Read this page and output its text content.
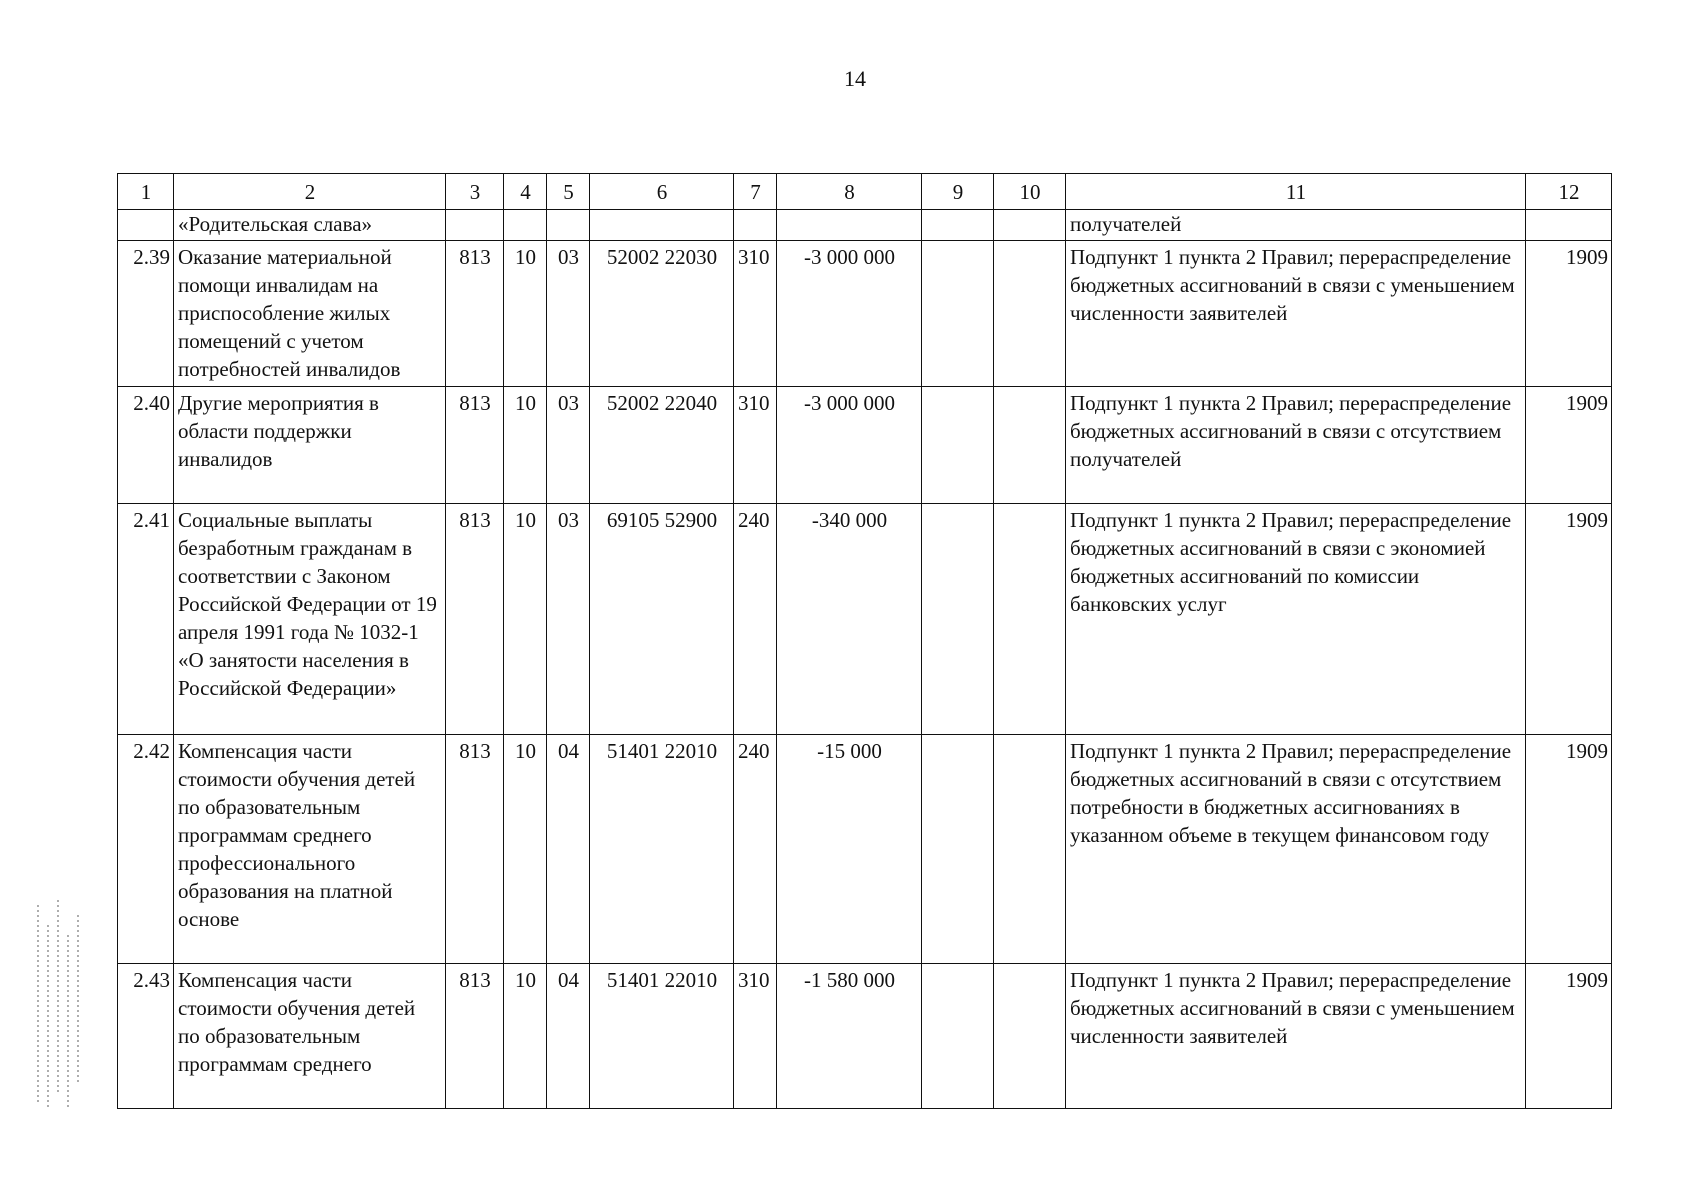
14
1	2	3	4	5	6	7	8	9	10	11	12
	«Родительская слава»									получателей	
2.39	Оказание материальной помощи инвалидам на приспособление жилых помещений с учетом потребностей инвалидов	813	10	03	52002 22030	310	-3 000 000			Подпункт 1 пункта 2 Правил; перераспределение бюджетных ассигнований в связи с уменьшением численности заявителей	1909
2.40	Другие мероприятия в области поддержки инвалидов	813	10	03	52002 22040	310	-3 000 000			Подпункт 1 пункта 2 Правил; перераспределение бюджетных ассигнований в связи с отсутствием получателей	1909
2.41	Социальные выплаты безработным гражданам в соответствии с Законом Российской Федерации от 19 апреля 1991 года № 1032-1 «О занятости населения в Российской Федерации»	813	10	03	69105 52900	240	-340 000			Подпункт 1 пункта 2 Правил; перераспределение бюджетных ассигнований в связи с экономией бюджетных ассигнований по комиссии банковских услуг	1909
2.42	Компенсация части стоимости обучения детей по образовательным программам среднего профессионального образования на платной основе	813	10	04	51401 22010	240	-15 000			Подпункт 1 пункта 2 Правил; перераспределение бюджетных ассигнований в связи с отсутствием потребности в бюджетных ассигнованиях в указанном объеме в текущем финансовом году	1909
2.43	Компенсация части стоимости обучения детей по образовательным программам среднего	813	10	04	51401 22010	310	-1 580 000			Подпункт 1 пункта 2 Правил; перераспределение бюджетных ассигнований в связи с уменьшением численности заявителей	1909
